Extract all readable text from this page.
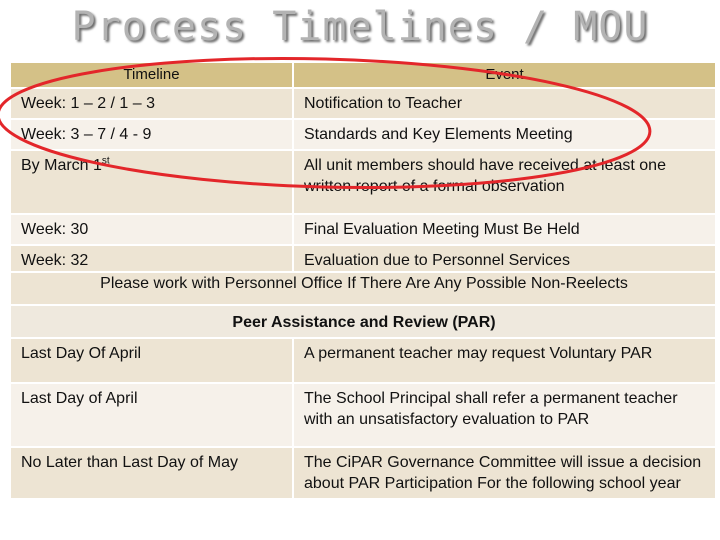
Process Timelines / MOU
Timeline	Event
Week: 1 – 2 / 1 – 3	Notification to Teacher
Week: 3 – 7 / 4 - 9	Standards and Key Elements Meeting
By March 1st	All unit members should have received at least one written report of a formal observation
Week: 30	Final Evaluation Meeting Must Be Held
Week: 32	Evaluation due to Personnel Services
Please work with Personnel Office If There Are Any Possible Non-Reelects	
Peer Assistance and Review (PAR)	
Last Day Of April	A permanent teacher may request Voluntary PAR
Last Day of April	The School Principal shall refer a permanent teacher with an unsatisfactory evaluation to PAR
No Later than Last Day of May	The CiPAR Governance Committee will issue a decision about PAR Participation For the following school year
